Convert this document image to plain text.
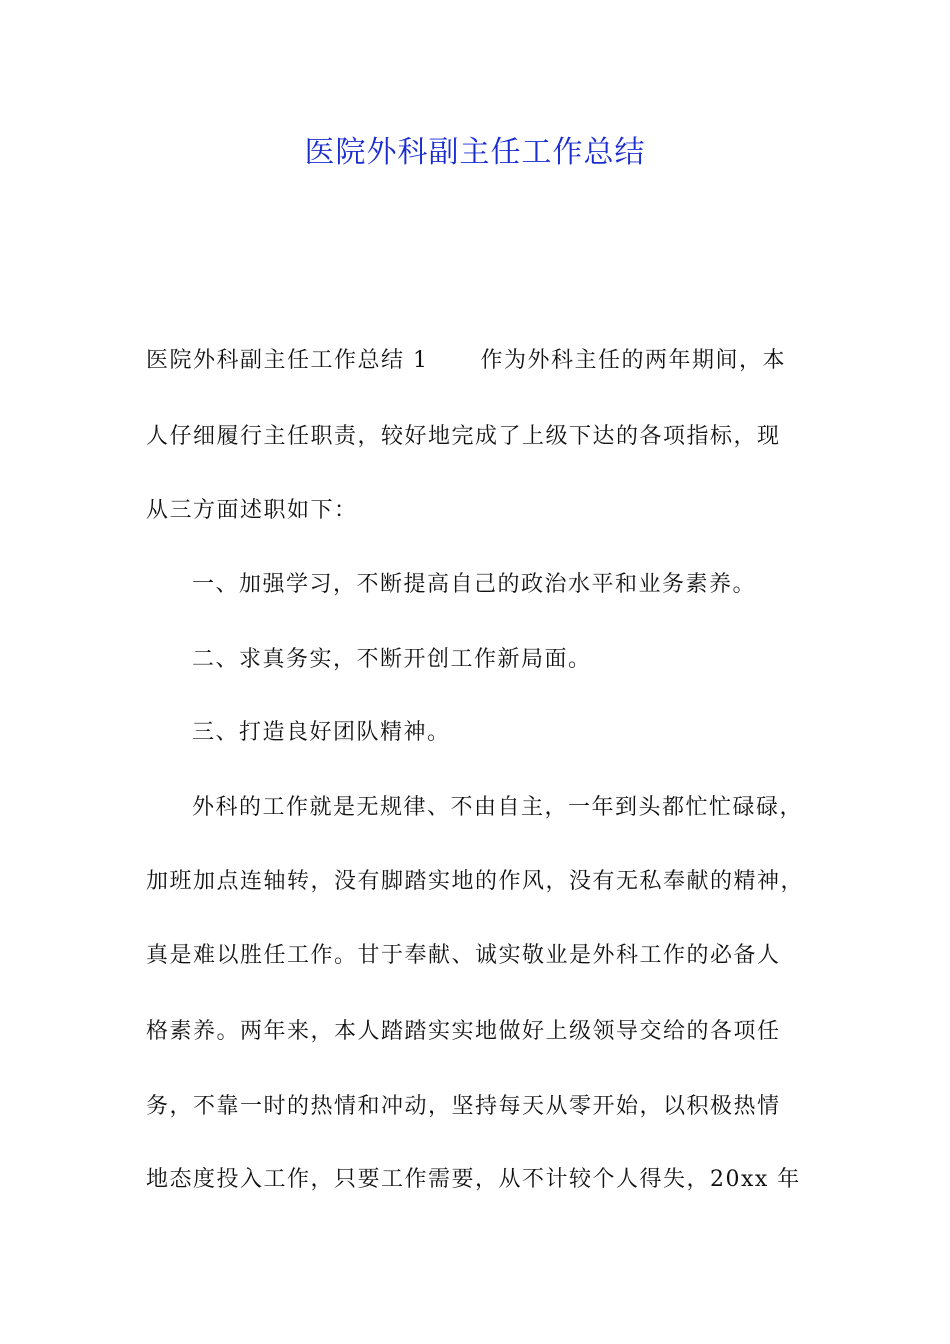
医院外科副主任工作总结
医院外科副主任工作总结 1 作为外科主任的两年期间，本
人仔细履行主任职责，较好地完成了上级下达的各项指标，现
从三方面述职如下：
一、加强学习，不断提高自己的政治水平和业务素养。
二、求真务实，不断开创工作新局面。
三、打造良好团队精神。
外科的工作就是无规律、不由自主，一年到头都忙忙碌碌，
加班加点连轴转，没有脚踏实地的作风，没有无私奉献的精神，
真是难以胜任工作。甘于奉献、诚实敬业是外科工作的必备人
格素养。两年来，本人踏踏实实地做好上级领导交给的各项任
务，不靠一时的热情和冲动，坚持每天从零开始，以积极热情
地态度投入工作，只要工作需要，从不计较个人得失，20xx 年
